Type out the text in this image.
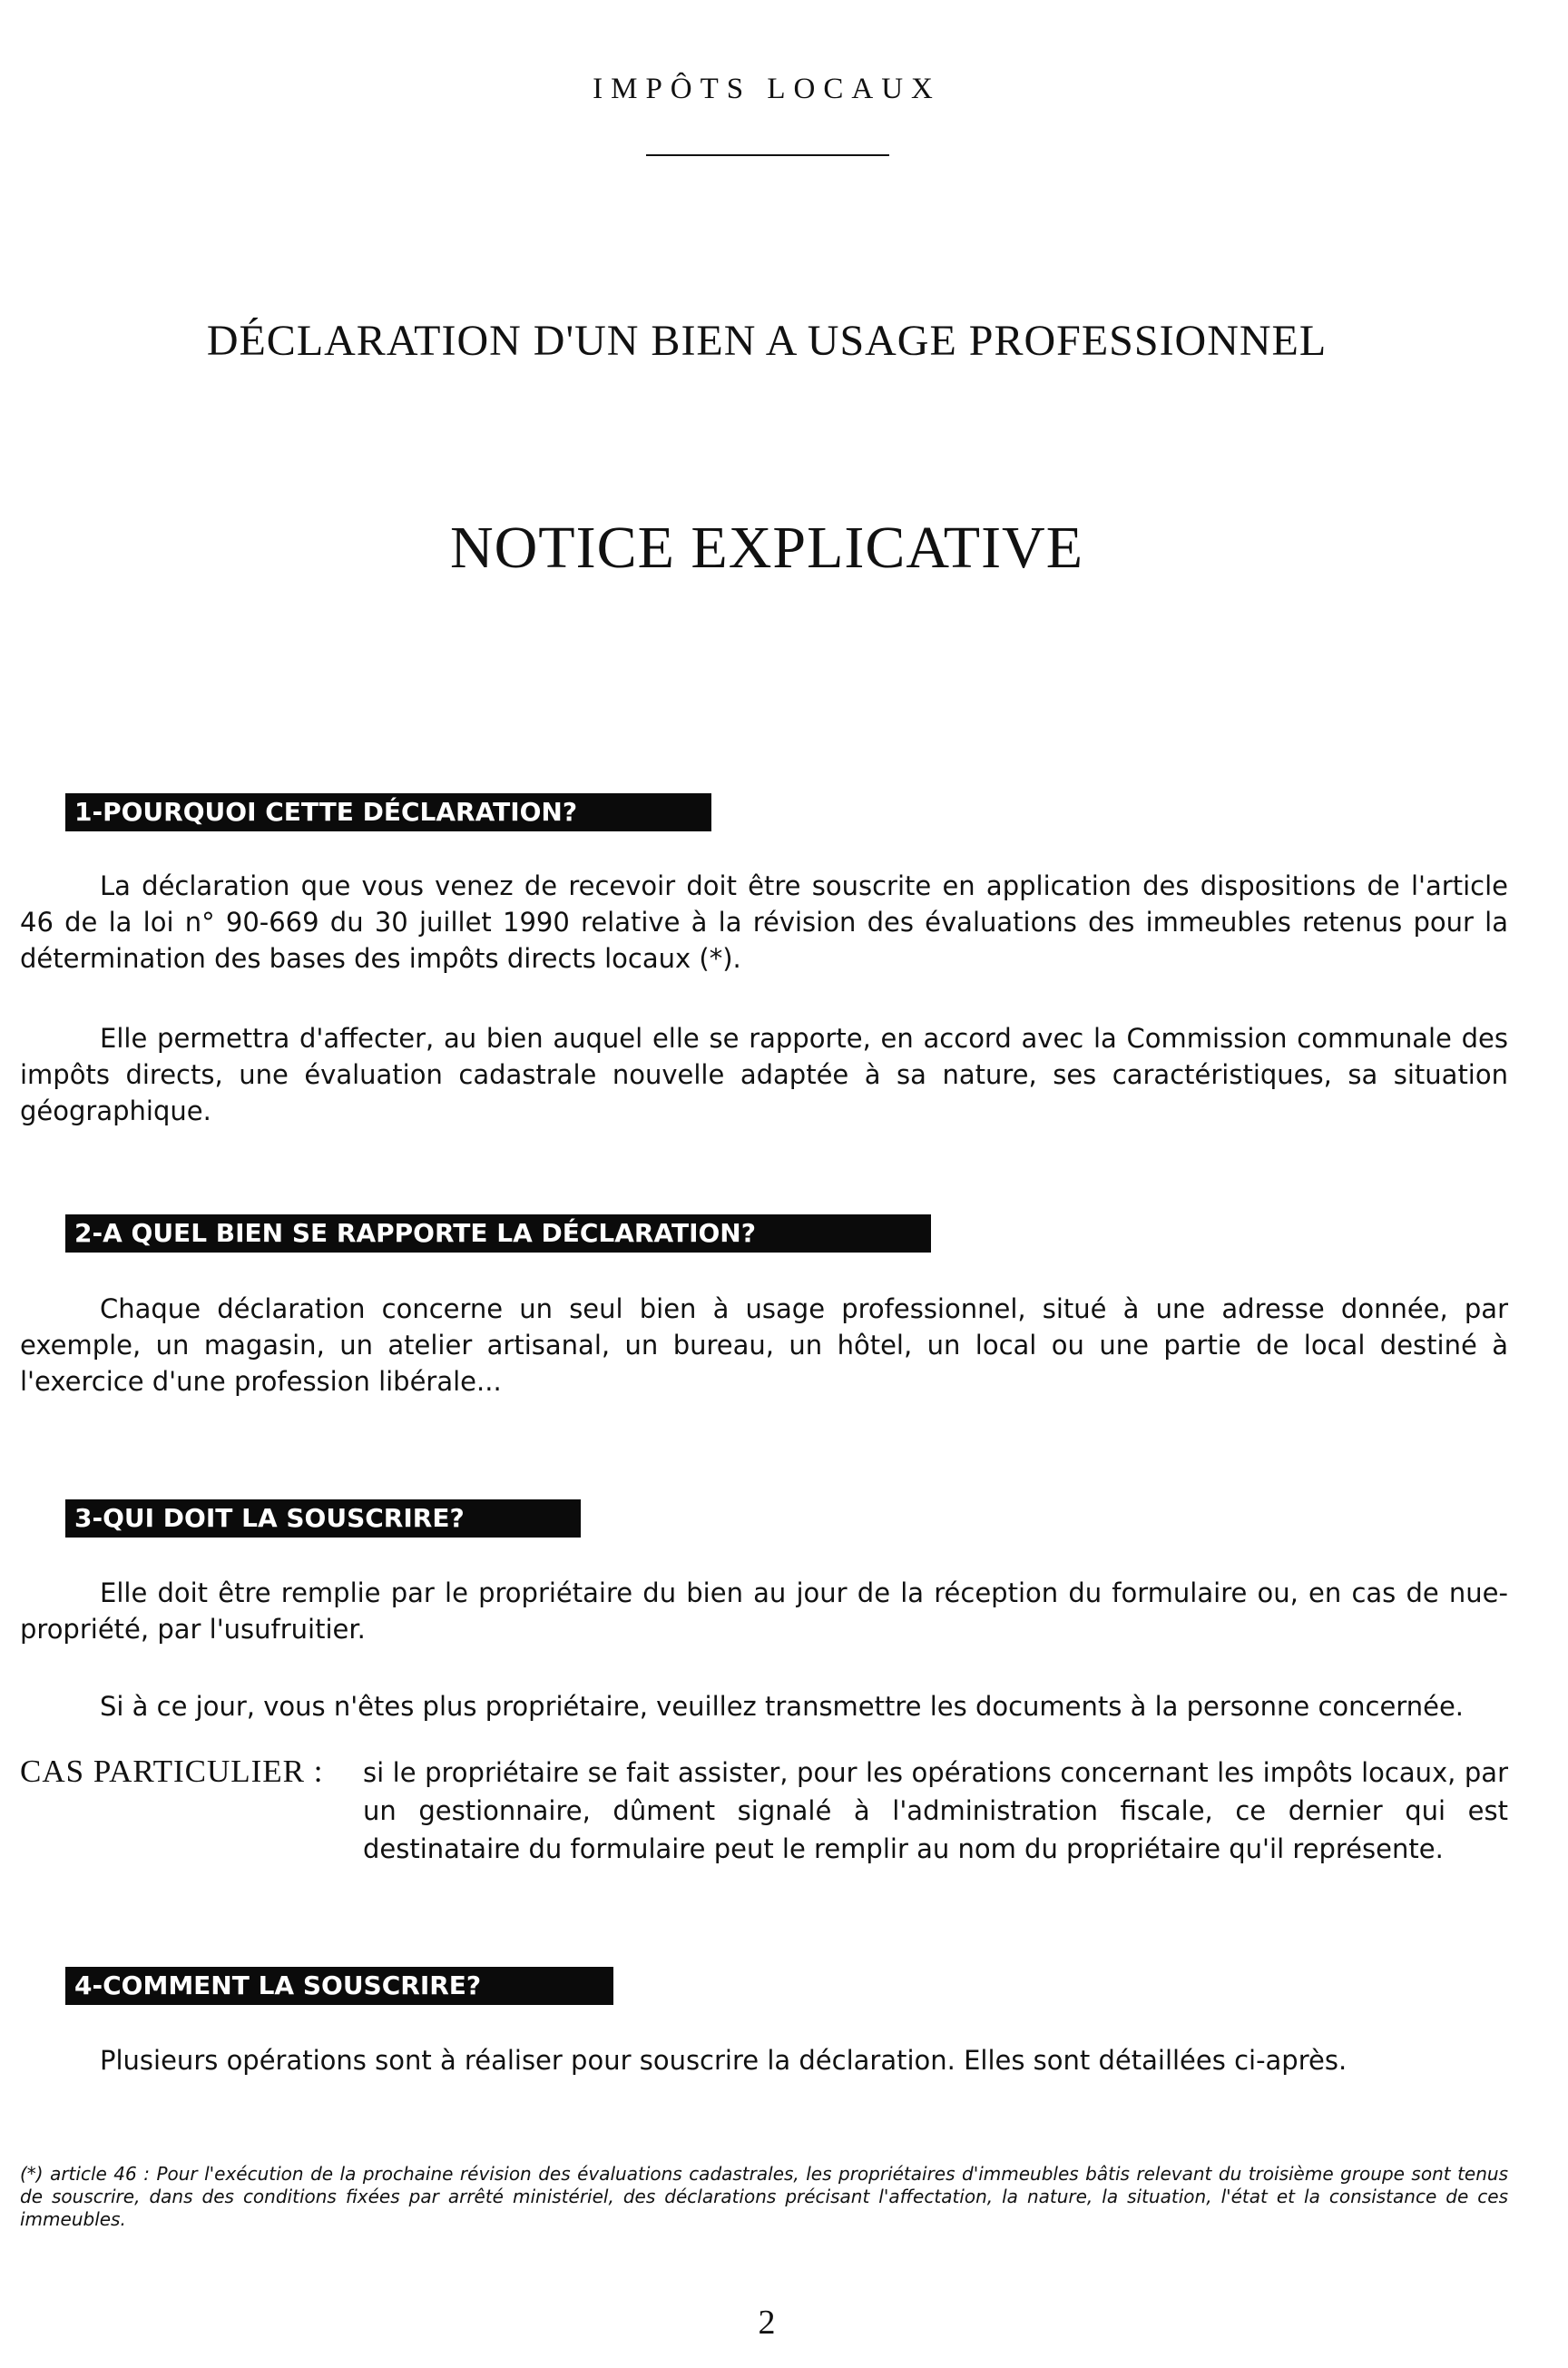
IMPÔTS LOCAUX
DÉCLARATION D'UN BIEN A USAGE PROFESSIONNEL
NOTICE EXPLICATIVE
1-POURQUOI CETTE DÉCLARATION?
La déclaration que vous venez de recevoir doit être souscrite en application des dispositions de l'article 46 de la loi n° 90-669 du 30 juillet 1990 relative à la révision des évaluations des immeubles retenus pour la détermination des bases des impôts directs locaux (*).
Elle permettra d'affecter, au bien auquel elle se rapporte, en accord avec la Commission communale des impôts directs, une évaluation cadastrale nouvelle adaptée à sa nature, ses caractéristiques, sa situation géographique.
2-A QUEL BIEN SE RAPPORTE LA DÉCLARATION?
Chaque déclaration concerne un seul bien à usage professionnel, situé à une adresse donnée, par exemple, un magasin, un atelier artisanal, un bureau, un hôtel, un local ou une partie de local destiné à l'exercice d'une profession libérale...
3-QUI DOIT LA SOUSCRIRE?
Elle doit être remplie par le propriétaire du bien au jour de la réception du formulaire ou, en cas de nue-propriété, par l'usufruitier.
Si à ce jour, vous n'êtes plus propriétaire, veuillez transmettre les documents à la personne concernée.
CAS PARTICULIER : si le propriétaire se fait assister, pour les opérations concernant les impôts locaux, par un gestionnaire, dûment signalé à l'administration fiscale, ce dernier qui est destinataire du formulaire peut le remplir au nom du propriétaire qu'il représente.
4-COMMENT LA SOUSCRIRE?
Plusieurs opérations sont à réaliser pour souscrire la déclaration. Elles sont détaillées ci-après.
(*) article 46 : Pour l'exécution de la prochaine révision des évaluations cadastrales, les propriétaires d'immeubles bâtis relevant du troisième groupe sont tenus de souscrire, dans des conditions fixées par arrêté ministériel, des déclarations précisant l'affectation, la nature, la situation, l'état et la consistance de ces immeubles.
2
